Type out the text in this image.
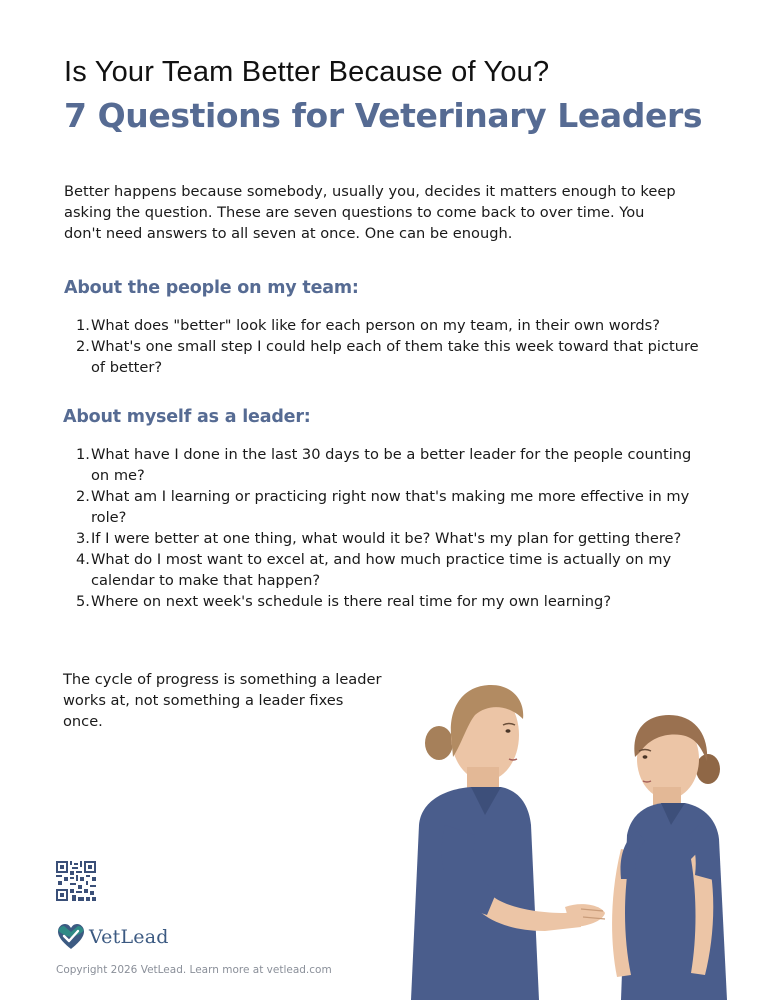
Is Your Team Better Because of You?
7 Questions for Veterinary Leaders

Better happens because somebody, usually you, decides it matters enough to keep asking the question. These are seven questions to come back to over time. You don't need answers to all seven at once. One can be enough.

About the people on my team:
1. What does "better" look like for each person on my team, in their own words?
2. What's one small step I could help each of them take this week toward that picture of better?
About myself as a leader:
1. What have I done in the last 30 days to be a better leader for the people counting on me?
2. What am I learning or practicing right now that's making me more effective in my role?
3. If I were better at one thing, what would it be? What's my plan for getting there?
4. What do I most want to excel at, and how much practice time is actually on my calendar to make that happen?
5. Where on next week's schedule is there real time for my own learning?

The cycle of progress is something a leader works at, not something a leader fixes once.

VetLead

Copyright 2026 VetLead. Learn more at vetlead.com
